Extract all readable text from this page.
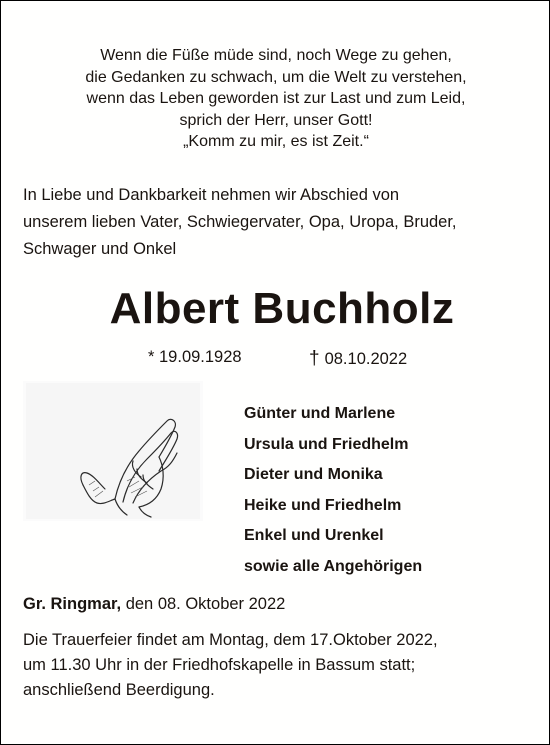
Wenn die Füße müde sind, noch Wege zu gehen,
die Gedanken zu schwach, um die Welt zu verstehen,
wenn das Leben geworden ist zur Last und zum Leid,
sprich der Herr, unser Gott!
„Komm zu mir, es ist Zeit.“
In Liebe und Dankbarkeit nehmen wir Abschied von
unserem lieben Vater, Schwiegervater, Opa, Uropa, Bruder,
Schwager und Onkel
Albert Buchholz
* 19.09.1928	† 08.10.2022
Günter und Marlene
Ursula und Friedhelm
Dieter und Monika
Heike und Friedhelm
Enkel und Urenkel
sowie alle Angehörigen
Gr. Ringmar, den 08. Oktober 2022
Die Trauerfeier findet am Montag, dem 17.Oktober 2022,
um 11.30 Uhr in der Friedhofskapelle in Bassum statt;
anschließend Beerdigung.
